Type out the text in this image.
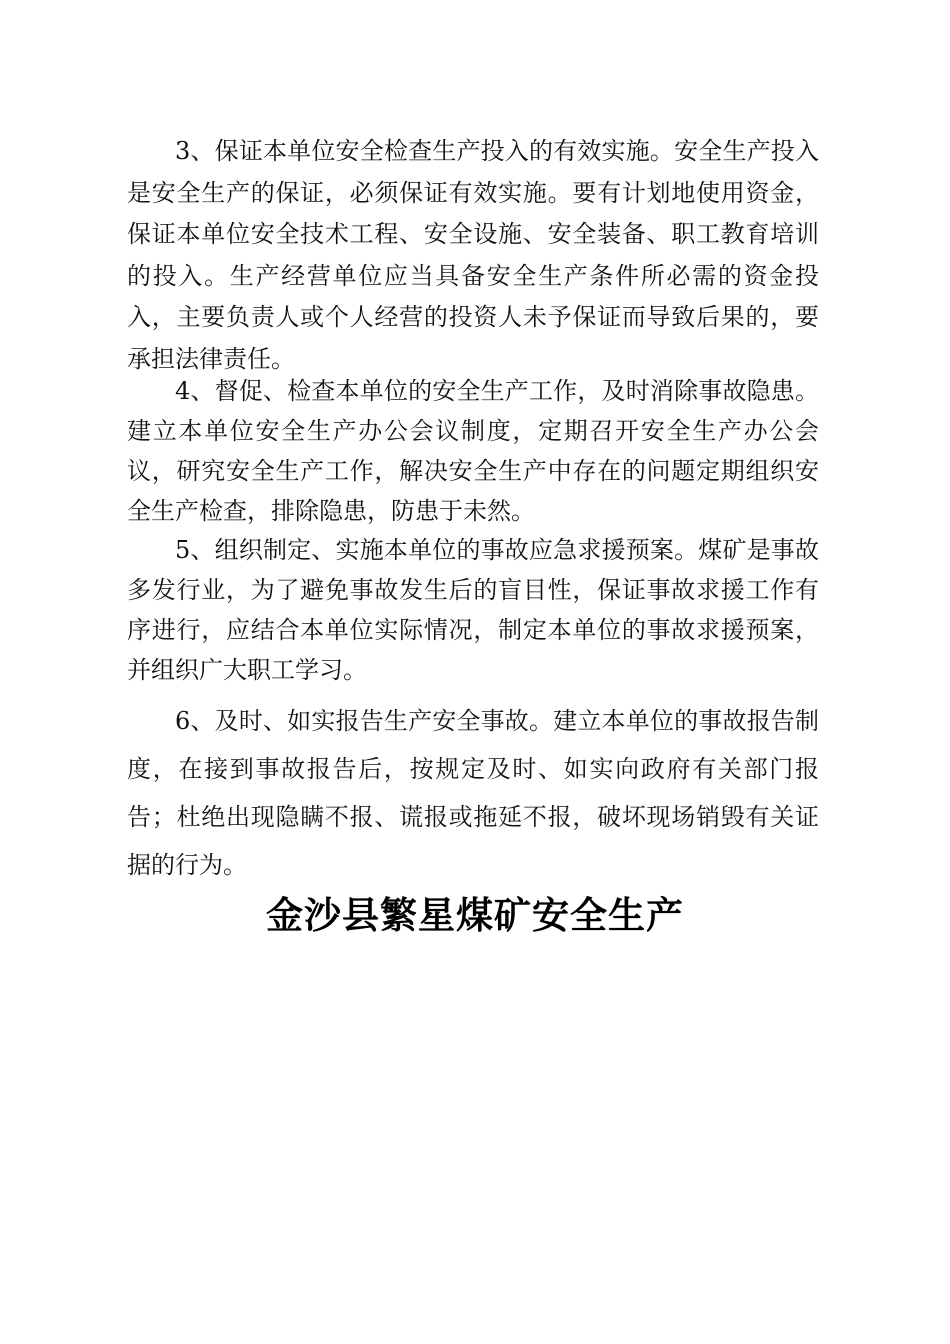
3、保证本单位安全检查生产投入的有效实施。安全生产投入是安全生产的保证，必须保证有效实施。要有计划地使用资金，保证本单位安全技术工程、安全设施、安全装备、职工教育培训的投入。生产经营单位应当具备安全生产条件所必需的资金投入，主要负责人或个人经营的投资人未予保证而导致后果的，要承担法律责任。

4、督促、检查本单位的安全生产工作，及时消除事故隐患。建立本单位安全生产办公会议制度，定期召开安全生产办公会议，研究安全生产工作，解决安全生产中存在的问题定期组织安全生产检查，排除隐患，防患于未然。

5、组织制定、实施本单位的事故应急求援预案。煤矿是事故多发行业，为了避免事故发生后的盲目性，保证事故求援工作有序进行，应结合本单位实际情况，制定本单位的事故求援预案，并组织广大职工学习。

6、及时、如实报告生产安全事故。建立本单位的事故报告制度，在接到事故报告后，按规定及时、如实向政府有关部门报告；杜绝出现隐瞒不报、谎报或拖延不报，破坏现场销毁有关证据的行为。

金沙县繁星煤矿安全生产
